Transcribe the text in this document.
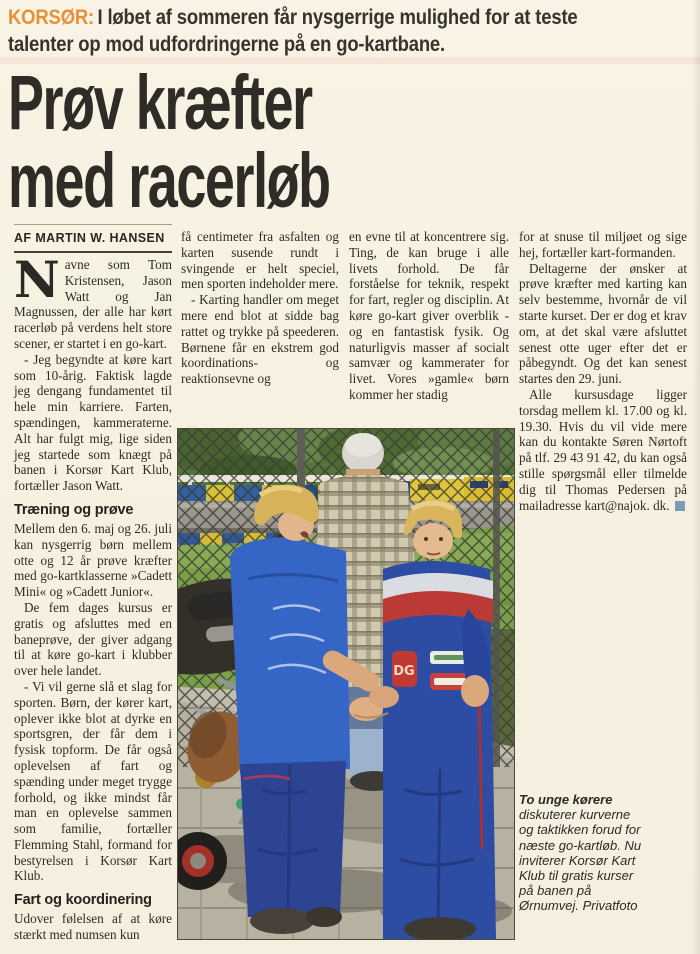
KORSØR: I løbet af sommeren får nysgerrige mulighed for at teste talenter op mod udfordringerne på en go-kartbane.
Prøv kræfter
med racerløb
AF MARTIN W. HANSEN

Navne som Tom Kristensen, Jason Watt og Jan Magnussen, der alle har kørt racerløb på verdens helt store scener, er startet i en go-kart.

- Jeg begyndte at køre kart som 10-årig. Faktisk lagde jeg dengang fundamentet til hele min karriere. Farten, spændingen, kammeraterne. Alt har fulgt mig, lige siden jeg startede som knægt på banen i Korsør Kart Klub, fortæller Jason Watt.

Træning og prøve

Mellem den 6. maj og 26. juli kan nysgerrig børn mellem otte og 12 år prøve kræfter med go-kartklasserne »Cadett Mini« og »Cadett Junior«.

De fem dages kursus er gratis og afsluttes med en baneprøve, der giver adgang til at køre go-kart i klubber over hele landet.

- Vi vil gerne slå et slag for sporten. Børn, der kører kart, oplever ikke blot at dyrke en sportsgren, der får dem i fysisk topform. De får også oplevelsen af fart og spænding under meget trygge forhold, og ikke mindst får man en oplevelse sammen som familie, fortæller Flemming Stahl, formand for bestyrelsen i Korsør Kart Klub.

Fart og koordinering

Udover følelsen af at køre stærkt med numsen kun

få centimeter fra asfalten og karten susende rundt i svingende er helt speciel, men sporten indeholder mere.

- Karting handler om meget mere end blot at sidde bag rattet og trykke på speederen. Børnene får en ekstrem god koordinations- og reaktionsevne og

en evne til at koncentrere sig. Ting, de kan bruge i alle livets forhold. De får forståelse for teknik, respekt for fart, regler og disciplin. At køre go-kart giver overblik - og en fantastisk fysik. Og naturligvis masser af socialt samvær og kammerater for livet. Vores »gamle« børn kommer her stadig

for at snuse til miljøet og sige hej, fortæller kart-formanden.

Deltagerne der ønsker at prøve kræfter med karting kan selv bestemme, hvornår de vil starte kurset. Der er dog et krav om, at det skal være afsluttet senest otte uger efter det er påbegyndt. Og det kan senest startes den 29. juni.

Alle kursusdage ligger torsdag mellem kl. 17.00 og kl. 19.30. Hvis du vil vide mere kan du kontakte Søren Nørtoft på tlf. 29 43 91 42, du kan også stille spørgsmål eller tilmelde dig til Thomas Pedersen på mailadresse kart@najok. dk.

DG

To unge kørere diskuterer kurverne og taktikken forud for næste go-kartløb. Nu inviterer Korsør Kart Klub til gratis kurser på banen på Ørnumvej. Privatfoto
